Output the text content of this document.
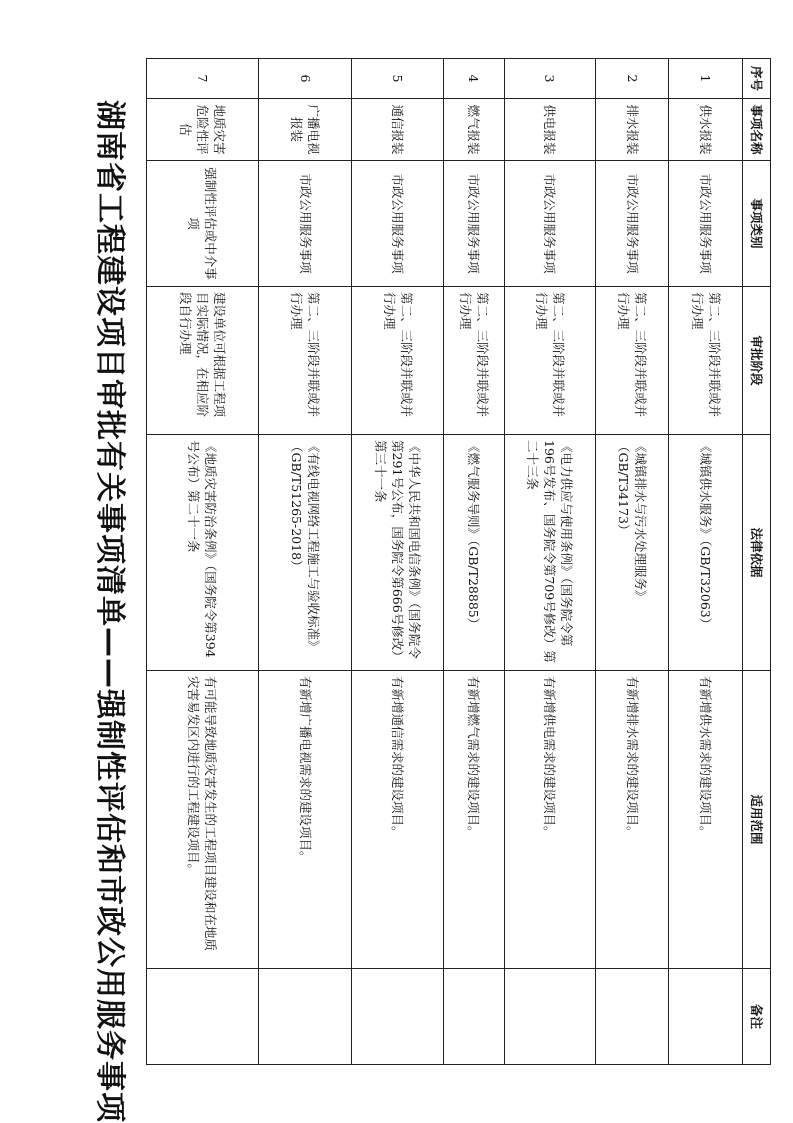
湖南省工程建设项目审批有关事项清单——强制性评估和市政公用服务事项
序号	事项名称	事项类别	审批阶段	法律依据	适用范围	备注
1	供水报装	市政公用服务事项	第二、三阶段并联或并行办理	《城镇供水服务》（GB/T32063）	有新增供水需求的建设项目。	
2	排水报装	市政公用服务事项	第二、三阶段并联或并行办理	《城镇排水与污水处理服务》（GB/T34173）	有新增排水需求的建设项目。	
3	供电报装	市政公用服务事项	第二、三阶段并联或并行办理	《电力供应与使用条例》（国务院令第196号发布、国务院令第709号修改）第二十三条	有新增供电需求的建设项目。	
4	燃气报装	市政公用服务事项	第二、三阶段并联或并行办理	《燃气服务导则》（GB/T28885）	有新增燃气需求的建设项目。	
5	通信报装	市政公用服务事项	第二、三阶段并联或并行办理	《中华人民共和国电信条例》（国务院令第291号公布，国务院令第666号修改）第三十一条	有新增通信需求的建设项目。	
6	广播电视报装	市政公用服务事项	第二、三阶段并联或并行办理	《有线电视网络工程施工与验收标准》（GB/T51265-2018）	有新增广播电视需求的建设项目。	
7	地质灾害危险性评估	强制性评估或中介事项	建设单位可根据工程项目实际情况，在相应阶段自行办理	《地质灾害防治条例》（国务院令第394号公布）第二十一条	有可能导致地质灾害发生的工程项目建设和在地质灾害易发区内进行的工程建设项目。	
